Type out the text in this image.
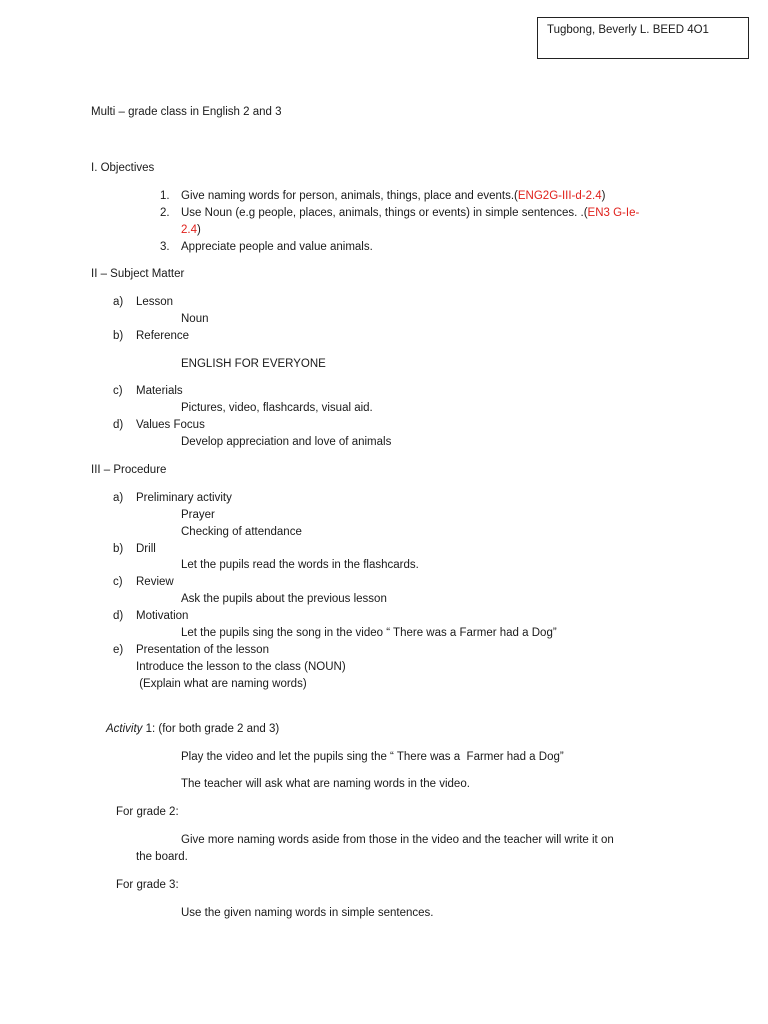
Tugbong, Beverly L. BEED 4O1
Multi – grade class in English 2 and 3
I. Objectives
1. Give naming words for person, animals, things, place and events.(ENG2G-III-d-2.4)
2. Use Noun (e.g people, places, animals, things or events) in simple sentences. .(EN3 G-Ie-
2.4)
3. Appreciate people and value animals.
II – Subject Matter
a) Lesson
Noun
b) Reference
ENGLISH FOR EVERYONE
c) Materials
Pictures, video, flashcards, visual aid.
d) Values Focus
Develop appreciation and love of animals
III – Procedure
a) Preliminary activity
Prayer
Checking of attendance
b) Drill
Let the pupils read the words in the flashcards.
c) Review
Ask the pupils about the previous lesson
d) Motivation
Let the pupils sing the song in the video “ There was a Farmer had a Dog”
e) Presentation of the lesson
Introduce the lesson to the class (NOUN)
(Explain what are naming words)
Activity 1: (for both grade 2 and 3)
Play the video and let the pupils sing the “ There was a  Farmer had a Dog”
The teacher will ask what are naming words in the video.
For grade 2:
Give more naming words aside from those in the video and the teacher will write it on
the board.
For grade 3:
Use the given naming words in simple sentences.
